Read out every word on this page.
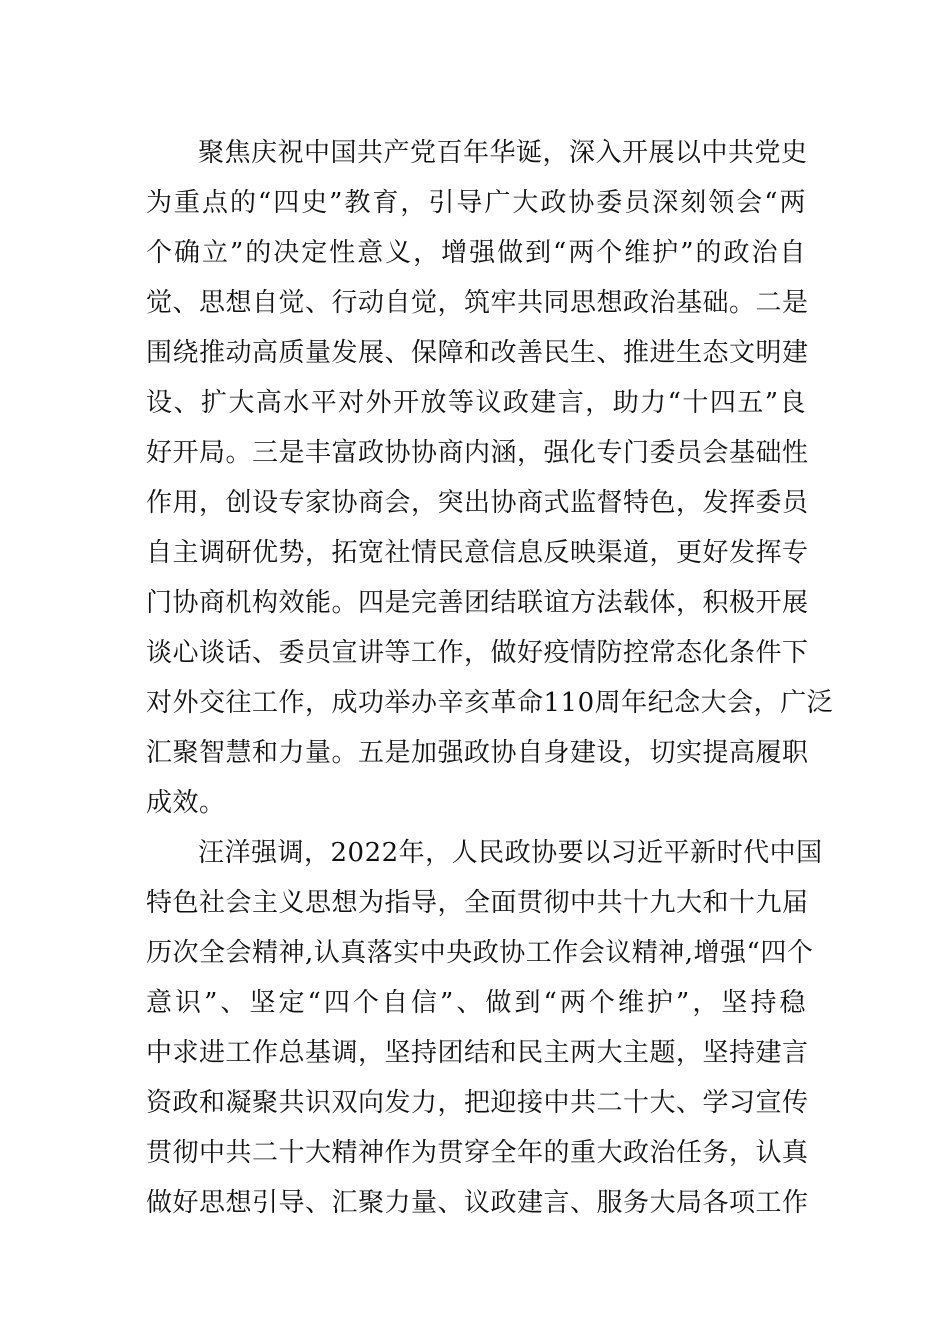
聚焦庆祝中国共产党百年华诞，深入开展以中共党史
为重点的“四史”教育，引导广大政协委员深刻领会“两
个确立”的决定性意义，增强做到“两个维护”的政治自
觉、思想自觉、行动自觉，筑牢共同思想政治基础。二是
围绕推动高质量发展、保障和改善民生、推进生态文明建
设、扩大高水平对外开放等议政建言，助力“十四五”良
好开局。三是丰富政协协商内涵，强化专门委员会基础性
作用，创设专家协商会，突出协商式监督特色，发挥委员
自主调研优势，拓宽社情民意信息反映渠道，更好发挥专
门协商机构效能。四是完善团结联谊方法载体，积极开展
谈心谈话、委员宣讲等工作，做好疫情防控常态化条件下
对外交往工作，成功举办辛亥革命110周年纪念大会，广泛
汇聚智慧和力量。五是加强政协自身建设，切实提高履职
成效。
汪洋强调，2022年，人民政协要以习近平新时代中国
特色社会主义思想为指导，全面贯彻中共十九大和十九届
历次全会精神,认真落实中央政协工作会议精神,增强“四个
意识”、坚定“四个自信”、做到“两个维护”，坚持稳
中求进工作总基调，坚持团结和民主两大主题，坚持建言
资政和凝聚共识双向发力，把迎接中共二十大、学习宣传
贯彻中共二十大精神作为贯穿全年的重大政治任务，认真
做好思想引导、汇聚力量、议政建言、服务大局各项工作
